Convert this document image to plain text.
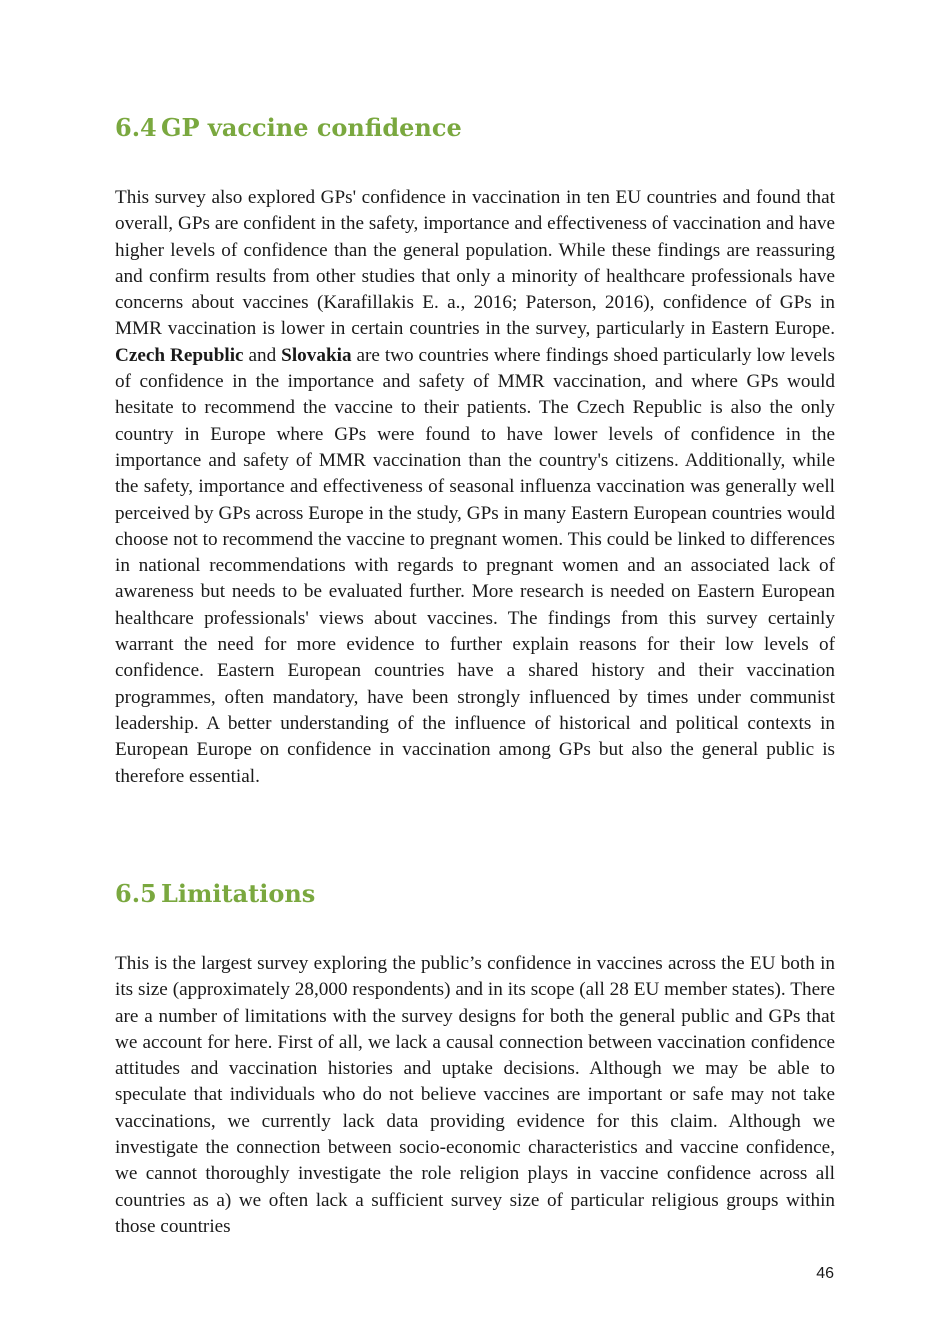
6.4 GP vaccine confidence

This survey also explored GPs' confidence in vaccination in ten EU countries and found that overall, GPs are confident in the safety, importance and effectiveness of vaccination and have higher levels of confidence than the general population. While these findings are reassuring and confirm results from other studies that only a minority of healthcare professionals have concerns about vaccines (Karafillakis E. a., 2016; Paterson, 2016), confidence of GPs in MMR vaccination is lower in certain countries in the survey, particularly in Eastern Europe. Czech Republic and Slovakia are two countries where findings shoed particularly low levels of confidence in the importance and safety of MMR vaccination, and where GPs would hesitate to recommend the vaccine to their patients. The Czech Republic is also the only country in Europe where GPs were found to have lower levels of confidence in the importance and safety of MMR vaccination than the country's citizens. Additionally, while the safety, importance and effectiveness of seasonal influenza vaccination was generally well perceived by GPs across Europe in the study, GPs in many Eastern European countries would choose not to recommend the vaccine to pregnant women. This could be linked to differences in national recommendations with regards to pregnant women and an associated lack of awareness but needs to be evaluated further. More research is needed on Eastern European healthcare professionals' views about vaccines. The findings from this survey certainly warrant the need for more evidence to further explain reasons for their low levels of confidence. Eastern European countries have a shared history and their vaccination programmes, often mandatory, have been strongly influenced by times under communist leadership. A better understanding of the influence of historical and political contexts in European Europe on confidence in vaccination among GPs but also the general public is therefore essential.

6.5 Limitations

This is the largest survey exploring the public’s confidence in vaccines across the EU both in its size (approximately 28,000 respondents) and in its scope (all 28 EU member states). There are a number of limitations with the survey designs for both the general public and GPs that we account for here. First of all, we lack a causal connection between vaccination confidence attitudes and vaccination histories and uptake decisions. Although we may be able to speculate that individuals who do not believe vaccines are important or safe may not take vaccinations, we currently lack data providing evidence for this claim. Although we investigate the connection between socio-economic characteristics and vaccine confidence, we cannot thoroughly investigate the role religion plays in vaccine confidence across all countries as a) we often lack a sufficient survey size of particular religious groups within those countries

46
